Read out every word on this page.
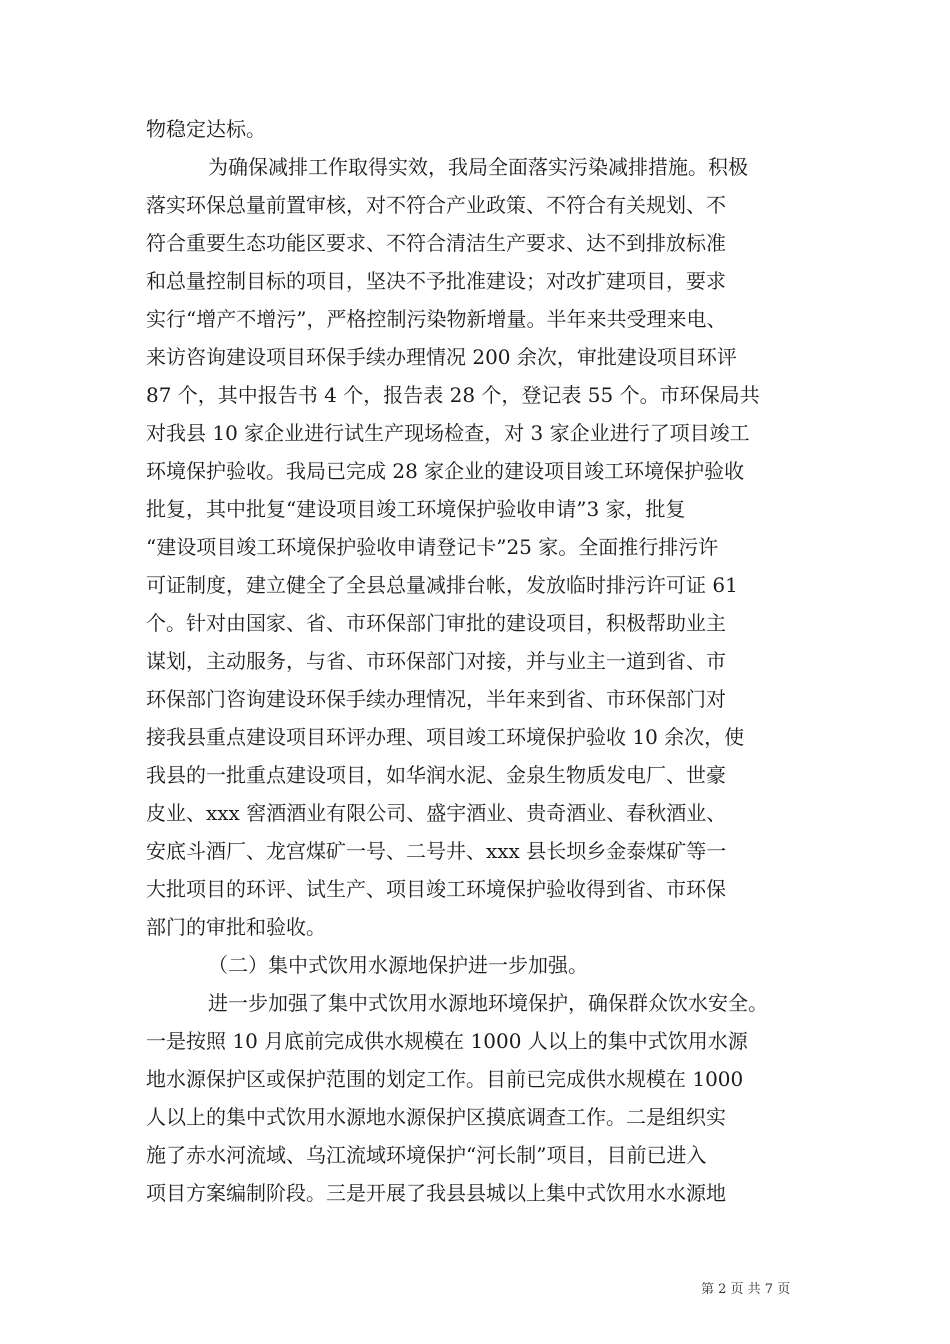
物稳定达标。
为确保减排工作取得实效，我局全面落实污染减排措施。积极
落实环保总量前置审核，对不符合产业政策、不符合有关规划、不
符合重要生态功能区要求、不符合清洁生产要求、达不到排放标准
和总量控制目标的项目，坚决不予批准建设；对改扩建项目，要求
实行“增产不增污”，严格控制污染物新增量。半年来共受理来电、
来访咨询建设项目环保手续办理情况 200 余次，审批建设项目环评
87 个，其中报告书 4 个，报告表 28 个，登记表 55 个。市环保局共
对我县 10 家企业进行试生产现场检查，对 3 家企业进行了项目竣工
环境保护验收。我局已完成 28 家企业的建设项目竣工环境保护验收
批复，其中批复“建设项目竣工环境保护验收申请”3 家，批复
“建设项目竣工环境保护验收申请登记卡”25 家。全面推行排污许
可证制度，建立健全了全县总量减排台帐，发放临时排污许可证 61
个。针对由国家、省、市环保部门审批的建设项目，积极帮助业主
谋划，主动服务，与省、市环保部门对接，并与业主一道到省、市
环保部门咨询建设环保手续办理情况，半年来到省、市环保部门对
接我县重点建设项目环评办理、项目竣工环境保护验收 10 余次，使
我县的一批重点建设项目，如华润水泥、金泉生物质发电厂、世豪
皮业、xxx 窖酒酒业有限公司、盛宇酒业、贵奇酒业、春秋酒业、
安底斗酒厂、龙宫煤矿一号、二号井、xxx 县长坝乡金泰煤矿等一
大批项目的环评、试生产、项目竣工环境保护验收得到省、市环保
部门的审批和验收。
（二）集中式饮用水源地保护进一步加强。
进一步加强了集中式饮用水源地环境保护，确保群众饮水安全。
一是按照 10 月底前完成供水规模在 1000 人以上的集中式饮用水源
地水源保护区或保护范围的划定工作。目前已完成供水规模在 1000
人以上的集中式饮用水源地水源保护区摸底调查工作。二是组织实
施了赤水河流域、乌江流域环境保护“河长制”项目，目前已进入
项目方案编制阶段。三是开展了我县县城以上集中式饮用水水源地
第 2 页 共 7 页
